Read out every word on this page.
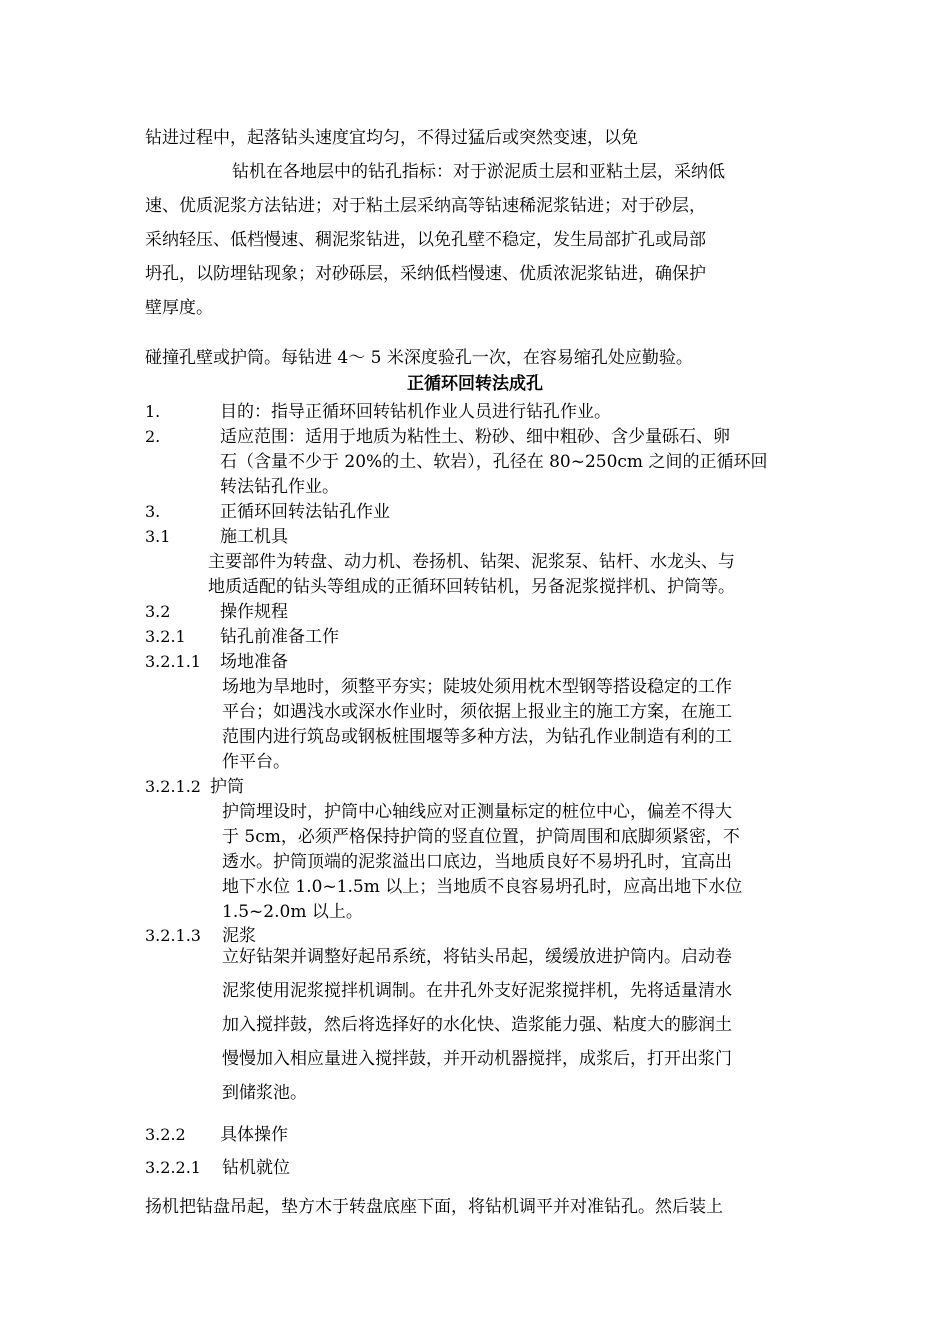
钻进过程中，起落钻头速度宜均匀，不得过猛后或突然变速，以免
钻机在各地层中的钻孔指标：对于淤泥质土层和亚粘土层，采纳低
速、优质泥浆方法钻进；对于粘土层采纳高等钻速稀泥浆钻进；对于砂层，
采纳轻压、低档慢速、稠泥浆钻进，以免孔壁不稳定，发生局部扩孔或局部
坍孔，以防埋钻现象；对砂砾层，采纳低档慢速、优质浓泥浆钻进，确保护
壁厚度。
碰撞孔壁或护筒。每钻进 4～ 5 米深度验孔一次，在容易缩孔处应勤验。
正循环回转法成孔
1.	目的：指导正循环回转钻机作业人员进行钻孔作业。
2.	适应范围：适用于地质为粘性土、粉砂、细中粗砂、含少量砾石、卵
石（含量不少于 20%的土、软岩），孔径在 80~250cm 之间的正循环回
转法钻孔作业。
3.	正循环回转法钻孔作业
3.1	施工机具
主要部件为转盘、动力机、卷扬机、钻架、泥浆泵、钻杆、水龙头、与
地质适配的钻头等组成的正循环回转钻机，另备泥浆搅拌机、护筒等。
3.2	操作规程
3.2.1 钻孔前准备工作
3.2.1.1 场地准备
场地为旱地时，须整平夯实；陡坡处须用枕木型钢等搭设稳定的工作
平台；如遇浅水或深水作业时，须依据上报业主的施工方案，在施工
范围内进行筑岛或钢板桩围堰等多种方法，为钻孔作业制造有利的工
作平台。
3.2.1.2 护筒
护筒埋设时，护筒中心轴线应对正测量标定的桩位中心，偏差不得大
于 5cm，必须严格保持护筒的竖直位置，护筒周围和底脚须紧密，不
透水。护筒顶端的泥浆溢出口底边，当地质良好不易坍孔时，宜高出
地下水位 1.0~1.5m 以上；当地质不良容易坍孔时，应高出地下水位
1.5~2.0m 以上。
3.2.1.3 泥浆
立好钻架并调整好起吊系统，将钻头吊起，缓缓放进护筒内。启动卷
泥浆使用泥浆搅拌机调制。在井孔外支好泥浆搅拌机，先将适量清水
加入搅拌鼓，然后将选择好的水化快、造浆能力强、粘度大的膨润土
慢慢加入相应量进入搅拌鼓，并开动机器搅拌，成浆后，打开出浆门
到储浆池。
3.2.2 具体操作
3.2.2.1 钻机就位
扬机把钻盘吊起，垫方木于转盘底座下面，将钻机调平并对准钻孔。然后装上
